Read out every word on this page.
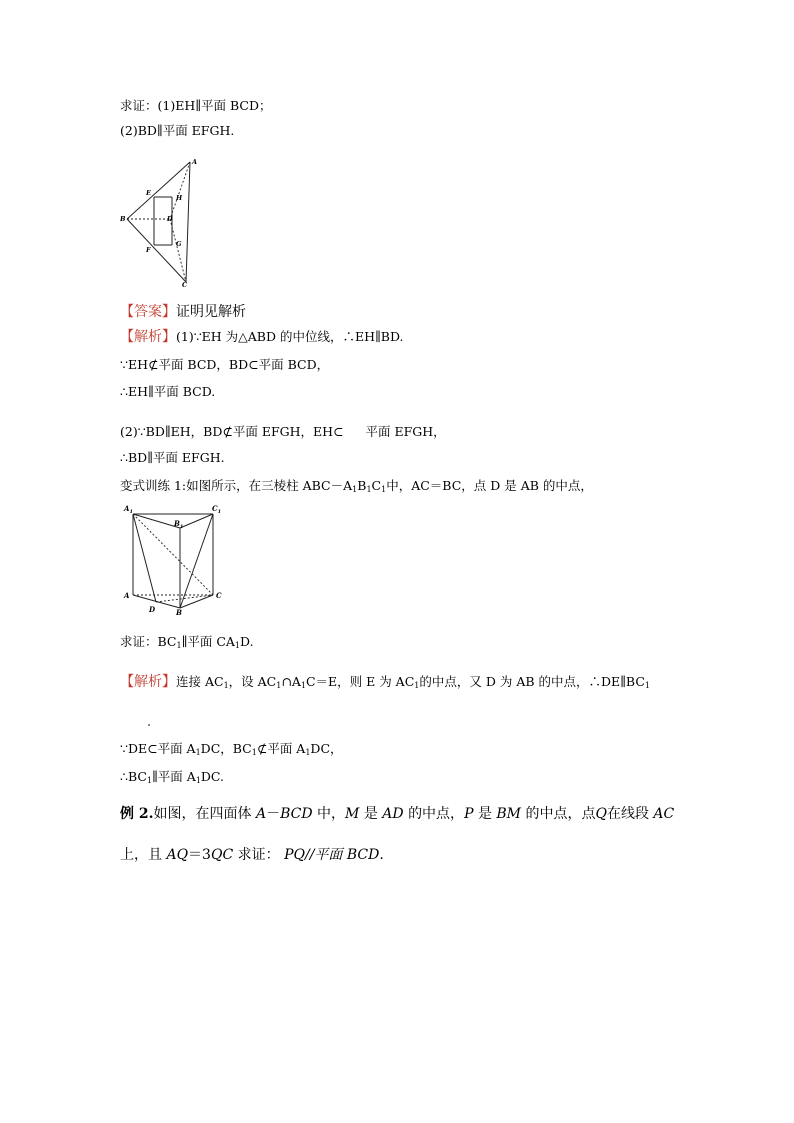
求证：(1)EH∥平面 BCD；
(2)BD∥平面 EFGH.
A
B
C
D
E
F
G
H
【答案】证明见解析
【解析】(1)∵EH 为△ABD 的中位线，∴EH∥BD.
∵EH⊄平面 BCD，BD⊂平面 BCD，
∴EH∥平面 BCD.
(2)∵BD∥EH，BD⊄平面 EFGH，EH⊂ 平面 EFGH，
∴BD∥平面 EFGH.
变式训练 1:如图所示，在三棱柱 $ABC-A_1B_1C_1$中，AC＝BC，点 D 是 AB 的中点，
$A_1$
$B_1$
$C_1$
A	C
D	B
求证：$BC_1\parallel$平面 $CA_1D$.
【解析】连接 $AC_1$，设 $AC_1\cap A_1C=E$，则 E 为 $AC_1$的中点，又 D 为 AB 的中点，$\therefore DE\parallel BC_1$
∵DE⊂平面 $A_1DC$，$BC_1⊄$平面 $A_1DC$，
$\therefore BC_1\parallel$平面 $A_1DC$.
例 2.如图，在四面体 A－BCD 中，M 是 AD 的中点，P 是 BM 的中点，点Q在线段 AC
上，且 AQ＝3QC 求证： PQ//平面 BCD.
